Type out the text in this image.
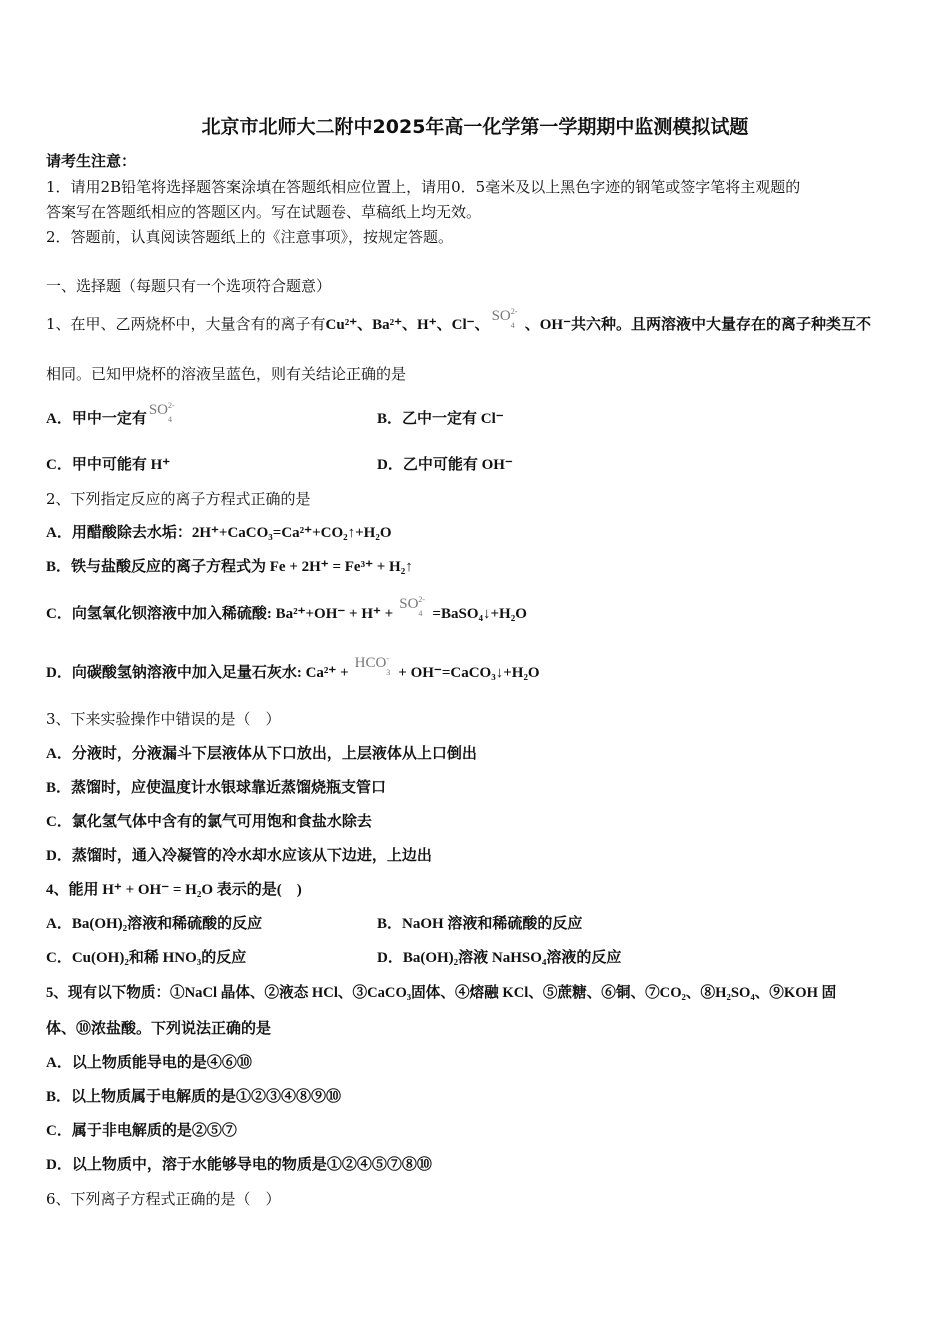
北京市北师大二附中2025年高一化学第一学期期中监测模拟试题
请考生注意：
1．请用2B铅笔将选择题答案涂填在答题纸相应位置上，请用0．5毫米及以上黑色字迹的钢笔或签字笔将主观题的
答案写在答题纸相应的答题区内。写在试题卷、草稿纸上均无效。
2．答题前，认真阅读答题纸上的《注意事项》，按规定答题。
一、选择题（每题只有一个选项符合题意）
1、在甲、乙两烧杯中，大量含有的离子有Cu²⁺、Ba²⁺、H⁺、Cl⁻、SO 2-
4 、OH⁻共六种。且两溶液中大量存在的离子种类互不
相同。已知甲烧杯的溶液呈蓝色，则有关结论正确的是
A．甲中一定有SO 2-
4	B．乙中一定有 Cl⁻
C．甲中可能有 H⁺	D．乙中可能有 OH⁻
2、下列指定反应的离子方程式正确的是
A．用醋酸除去水垢：2H⁺+CaCO₃=Ca²⁺+CO₂↑+H₂O
B．铁与盐酸反应的离子方程式为 Fe + 2H⁺ = Fe³⁺ + H₂↑
C．向氢氧化钡溶液中加入稀硫酸: Ba²⁺+OH⁻ + H⁺ +SO 2-
4 =BaSO₄↓+H₂O
D．向碳酸氢钠溶液中加入足量石灰水: Ca²⁺ +HCO -
3 + OH⁻=CaCO₃↓+H₂O
3、下来实验操作中错误的是（　）
A．分液时，分液漏斗下层液体从下口放出，上层液体从上口倒出
B．蒸馏时，应使温度计水银球靠近蒸馏烧瓶支管口
C．氯化氢气体中含有的氯气可用饱和食盐水除去
D．蒸馏时，通入冷凝管的冷水却水应该从下边进，上边出
4、能用 H⁺ + OH⁻ = H₂O 表示的是(　)
A．Ba(OH)₂溶液和稀硫酸的反应	B．NaOH 溶液和稀硫酸的反应
C．Cu(OH)₂和稀 HNO₃的反应	D．Ba(OH)₂溶液 NaHSO₄溶液的反应
5、现有以下物质：①NaCl 晶体、②液态 HCl、③CaCO₃固体、④熔融 KCl、⑤蔗糖、⑥铜、⑦CO₂、⑧H₂SO₄、⑨KOH 固
体、⑩浓盐酸。下列说法正确的是
A．以上物质能导电的是④⑥⑩
B．以上物质属于电解质的是①②③④⑧⑨⑩
C．属于非电解质的是②⑤⑦
D．以上物质中，溶于水能够导电的物质是①②④⑤⑦⑧⑩
6、下列离子方程式正确的是（　）
